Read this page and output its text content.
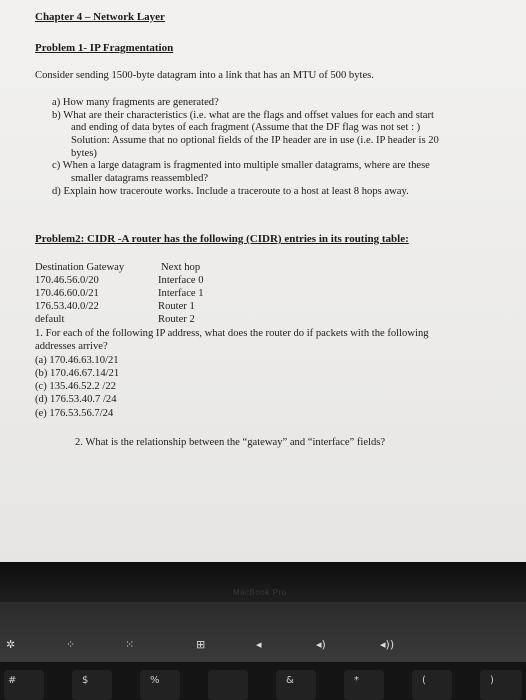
Chapter 4 – Network Layer
Problem 1- IP Fragmentation
Consider sending 1500-byte datagram into a link that has an MTU of 500 bytes.
a) How many fragments are generated?
b) What are their characteristics (i.e. what are the flags and offset values for each and start
and ending of data bytes of each fragment (Assume that the DF flag was not set : )
Solution: Assume that no optional fields of the IP header are in use (i.e. IP header is 20
bytes)
c) When a large datagram is fragmented into multiple smaller datagrams, where are these
smaller datagrams reassembled?
d) Explain how traceroute works. Include a traceroute to a host at least 8 hops away.
Problem2: CIDR -A router has the following (CIDR) entries in its routing table:
Destination Gateway	Next hop
170.46.56.0/20	Interface 0
170.46.60.0/21	Interface 1
176.53.40.0/22	Router 1
default	Router 2
1. For each of the following IP address, what does the router do if packets with the following
addresses arrive?
(a) 170.46.63.10/21
(b) 170.46.67.14/21
(c) 135.46.52.2 /22
(d) 176.53.40.7 /24
(e) 176.53.56.7/24
2. What is the relationship between the “gateway” and “interface” fields?
MacBook Pro
✲	⁘	⁙	⊞	◂	◂)	◂))
#	$	%	&	*	(	)
